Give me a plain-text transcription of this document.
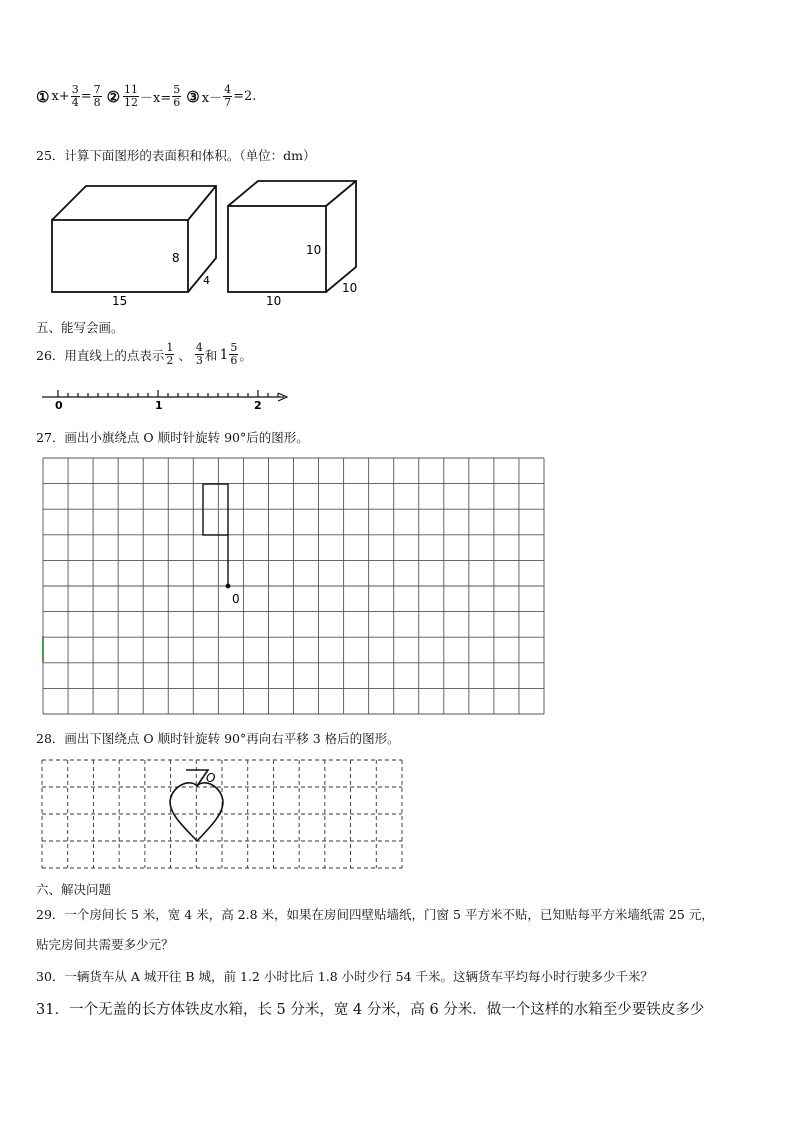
① $x+ \frac{3}{4} = \frac{7}{8}$ ② $\frac{11}{12} -x= \frac{5}{6}$ ③ $x- \frac{4}{7} =2$.
25．计算下面图形的表面积和体积。（单位：dm）
8
4
15
10
10
10
0	1	2
0
O
五、能写会画。
26．用直线上的点表示 $\frac{1}{2}$ 、 $\frac{4}{3}$ 和 $1 \frac{5}{6}$ 。
27．画出小旗绕点 O 顺时针旋转 90°后的图形。
28．画出下图绕点 O 顺时针旋转 90°再向右平移 3 格后的图形。
六、解决问题
29．一个房间长 5 米，宽 4 米，高 2.8 米，如果在房间四壁贴墙纸，门窗 5 平方米不贴，已知贴每平方米墙纸需 25 元，
贴完房间共需要多少元？
30．一辆货车从 A 城开往 B 城，前 1.2 小时比后 1.8 小时少行 54 千米。这辆货车平均每小时行驶多少千米？
31．一个无盖的长方体铁皮水箱，长 5 分米，宽 4 分米，高 6 分米．做一个这样的水箱至少要铁皮多少
